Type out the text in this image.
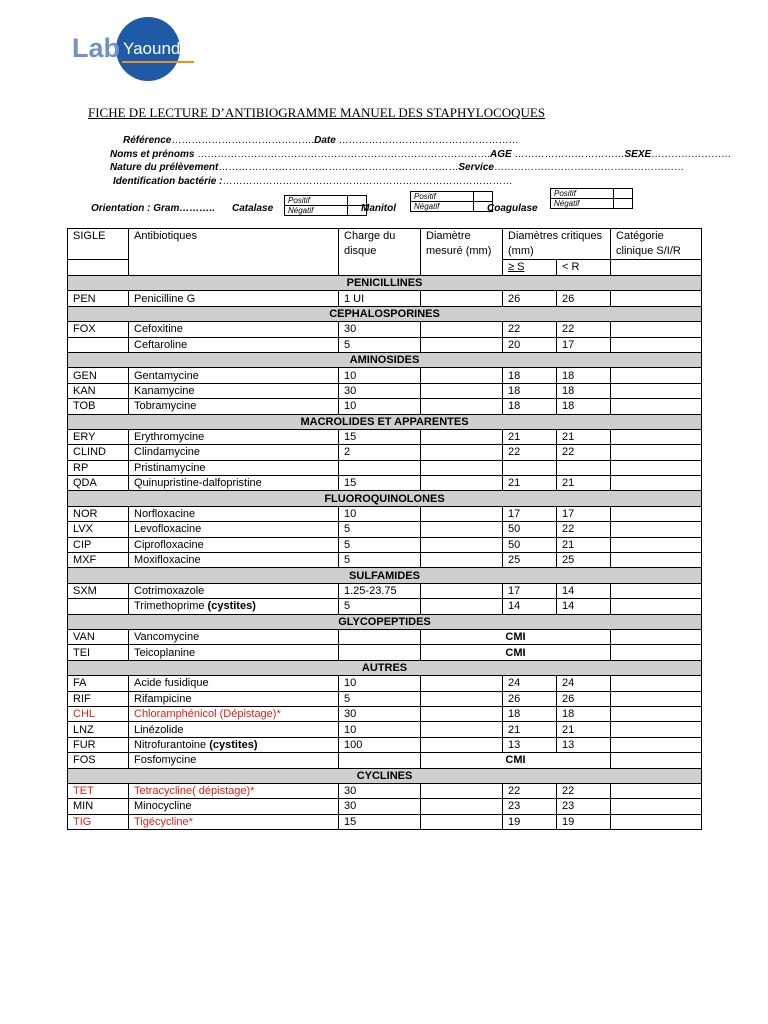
Lab Yaoundé
FICHE DE LECTURE D’ANTIBIOGRAMME MANUEL DES STAPHYLOCOQUES
Référence…………………………………….Date ………………………………………………
Noms et prénoms …………………………………………………………………………….AGE ……………………………SEXE……………………
Nature du prélèvement………………………………………………………………Service…………………………………………………
Identification bactérie :……………………………………………………………………………
Orientation : Gram……….. Catalase
Positif	
Négatif		Manitol
Positif	
Négatif		Coagulase
Positif	
Négatif	
SIGLE	Antibiotiques	Charge du disque	Diamètre mesuré (mm)	Diamètres critiques (mm)		Catégorie clinique S/I/R

				≥ S	< R	
PENICILLINES						
PEN	Penicilline G	1 UI		26	26	
CEPHALOSPORINES						
FOX	Cefoxitine	30		22	22	
	Ceftaroline	5		20	17	
AMINOSIDES						
GEN	Gentamycine	10		18	18	
KAN	Kanamycine	30		18	18	
TOB	Tobramycine	10		18	18	
MACROLIDES ET APPARENTES						
ERY	Erythromycine	15		21	21	
CLIND	Clindamycine	2		22	22	
RP	Pristinamycine					
QDA	Quinupristine-dalfopristine	15		21	21	
FLUOROQUINOLONES						
NOR	Norfloxacine	10		17	17	
LVX	Levofloxacine	5		50	22	
CIP	Ciprofloxacine	5		50	21	
MXF	Moxifloxacine	5		25	25	
SULFAMIDES						
SXM	Cotrimoxazole	1.25-23.75		17	14	
	Trimethoprime (cystites)	5		14	14	
GLYCOPEPTIDES						
VAN	Vancomycine		CMI			
TEI	Teicoplanine		CMI			
AUTRES						
FA	Acide fusidique	10		24	24	
RIF	Rifampicine	5		26	26	
CHL	Chloramphénicol (Dépistage)*	30		18	18	
LNZ	Linézolide	10		21	21	
FUR	Nitrofurantoine (cystites)	100		13	13	
FOS	Fosfomycine		CMI			
CYCLINES						
TET	Tetracycline( dépistage)*	30		22	22	
MIN	Minocycline	30		23	23	
TIG	Tigécycline*	15		19	19	
